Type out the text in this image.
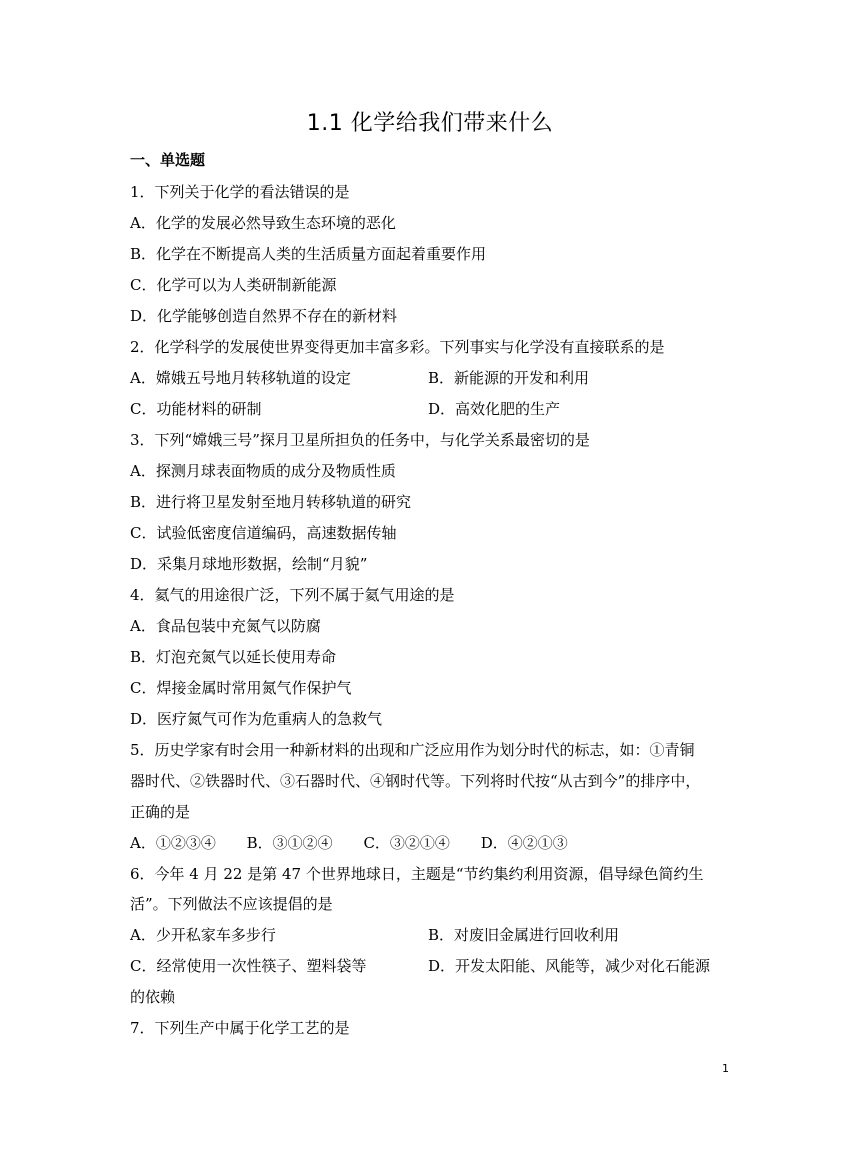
1.1 化学给我们带来什么
一、单选题
1．下列关于化学的看法错误的是
A．化学的发展必然导致生态环境的恶化
B．化学在不断提高人类的生活质量方面起着重要作用
C．化学可以为人类研制新能源
D．化学能够创造自然界不存在的新材料
2．化学科学的发展使世界变得更加丰富多彩。下列事实与化学没有直接联系的是
A．嫦娥五号地月转移轨道的设定	B．新能源的开发和利用
C．功能材料的研制	D．高效化肥的生产
3．下列“嫦娥三号”探月卫星所担负的任务中，与化学关系最密切的是
A．探测月球表面物质的成分及物质性质
B．进行将卫星发射至地月转移轨道的研究
C．试验低密度信道编码，高速数据传轴
D．采集月球地形数据，绘制“月貌”
4．氦气的用途很广泛，下列不属于氦气用途的是
A．食品包装中充氮气以防腐
B．灯泡充氮气以延长使用寿命
C．焊接金属时常用氮气作保护气
D．医疗氮气可作为危重病人的急救气
5．历史学家有时会用一种新材料的出现和广泛应用作为划分时代的标志，如：①青铜
器时代、②铁器时代、③石器时代、④钢时代等。下列将时代按“从古到今”的排序中，
正确的是
A．①②③④ B．③①②④ C．③②①④ D．④②①③
6．今年 4 月 22 是第 47 个世界地球日，主题是“节约集约利用资源，倡导绿色简约生
活”。下列做法不应该提倡的是
A．少开私家车多步行	B．对废旧金属进行回收利用
C．经常使用一次性筷子、塑料袋等	D．开发太阳能、风能等，减少对化石能源
的依赖
7．下列生产中属于化学工艺的是
1
